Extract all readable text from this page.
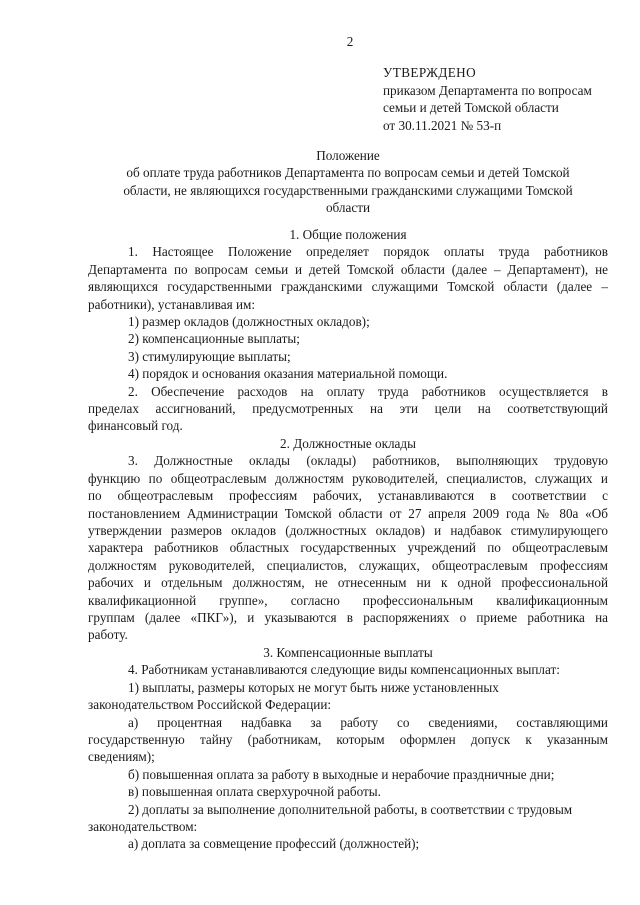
2
УТВЕРЖДЕНО
приказом Департамента по вопросам
семьи и детей Томской области
от 30.11.2021 № 53-п
Положение
об оплате труда работников Департамента по вопросам семьи и детей Томской
области, не являющихся государственными гражданскими служащими Томской
области
1. Общие положения
1. Настоящее Положение определяет порядок оплаты труда работников
Департамента по вопросам семьи и детей Томской области (далее – Департамент), не
являющихся государственными гражданскими служащими Томской области (далее –
работники), устанавливая им:
1) размер окладов (должностных окладов);
2) компенсационные выплаты;
3) стимулирующие выплаты;
4) порядок и основания оказания материальной помощи.
2. Обеспечение расходов на оплату труда работников осуществляется в
пределах ассигнований, предусмотренных на эти цели на соответствующий
финансовый год.
2. Должностные оклады
3. Должностные оклады (оклады) работников, выполняющих трудовую
функцию по общеотраслевым должностям руководителей, специалистов, служащих и
по общеотраслевым профессиям рабочих, устанавливаются в соответствии с
постановлением Администрации Томской области от 27 апреля 2009 года № 80а «Об
утверждении размеров окладов (должностных окладов) и надбавок стимулирующего
характера работников областных государственных учреждений по общеотраслевым
должностям руководителей, специалистов, служащих, общеотраслевым профессиям
рабочих и отдельным должностям, не отнесенным ни к одной профессиональной
квалификационной группе», согласно профессиональным квалификационным
группам (далее «ПКГ»), и указываются в распоряжениях о приеме работника на
работу.
3. Компенсационные выплаты
4. Работникам устанавливаются следующие виды компенсационных выплат:
1) выплаты, размеры которых не могут быть ниже установленных
законодательством Российской Федерации:
а) процентная надбавка за работу со сведениями, составляющими
государственную тайну (работникам, которым оформлен допуск к указанным
сведениям);
б) повышенная оплата за работу в выходные и нерабочие праздничные дни;
в) повышенная оплата сверхурочной работы.
2) доплаты за выполнение дополнительной работы, в соответствии с трудовым
законодательством:
а) доплата за совмещение профессий (должностей);
